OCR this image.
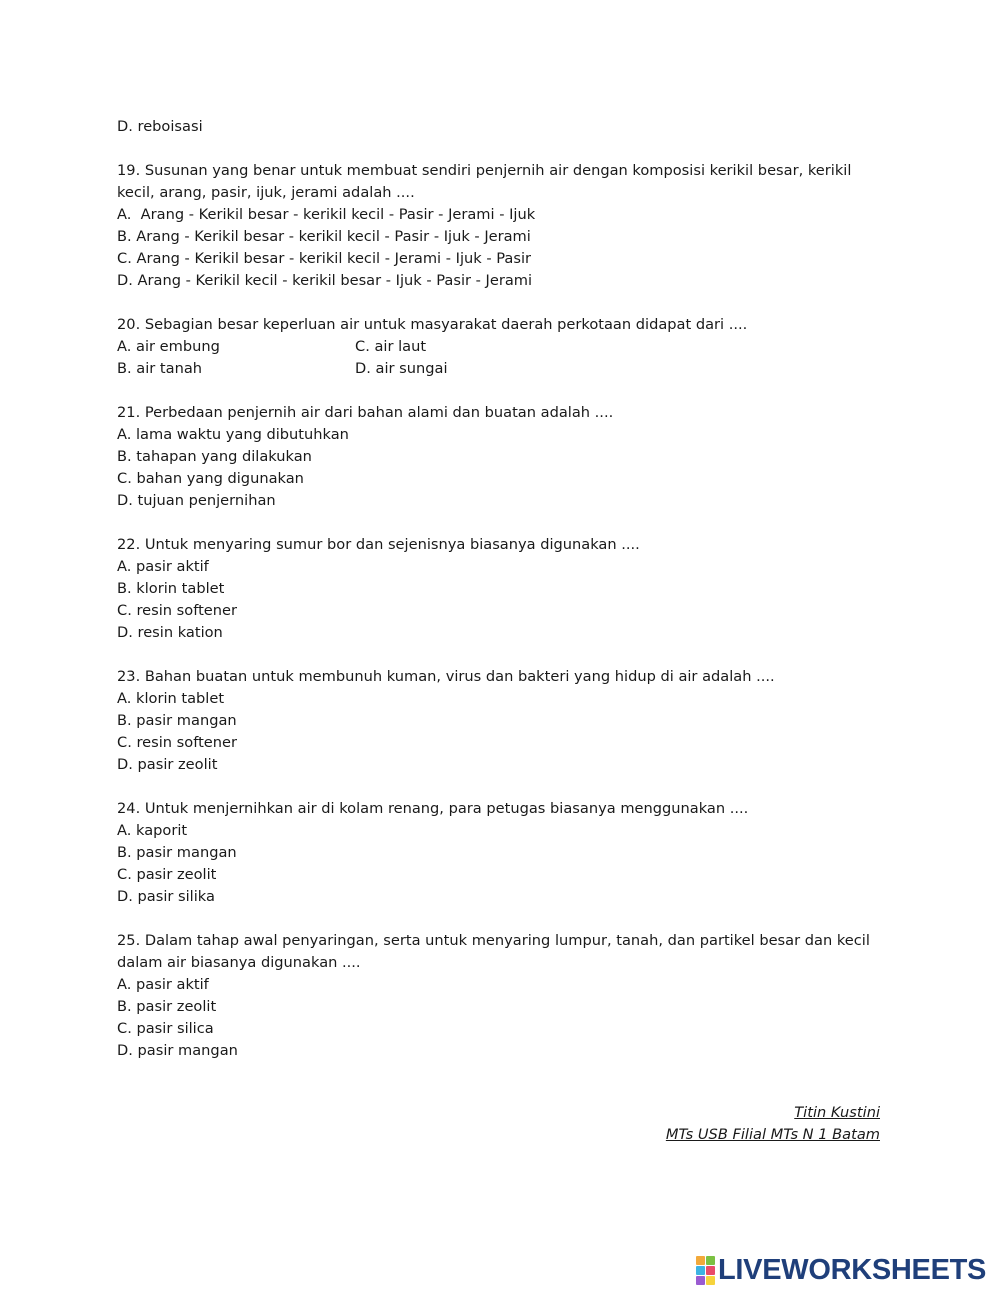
D. reboisasi
19. Susunan yang benar untuk membuat sendiri penjernih air dengan komposisi kerikil besar, kerikil
kecil, arang, pasir, ijuk, jerami adalah ....
A.  Arang - Kerikil besar - kerikil kecil - Pasir - Jerami - Ijuk
B. Arang - Kerikil besar - kerikil kecil - Pasir - Ijuk - Jerami
C. Arang - Kerikil besar - kerikil kecil - Jerami - Ijuk - Pasir
D. Arang - Kerikil kecil - kerikil besar - Ijuk - Pasir - Jerami
20. Sebagian besar keperluan air untuk masyarakat daerah perkotaan didapat dari ....
A. air embung	C. air laut
B. air tanah	D. air sungai
21. Perbedaan penjernih air dari bahan alami dan buatan adalah ....
A. lama waktu yang dibutuhkan
B. tahapan yang dilakukan
C. bahan yang digunakan
D. tujuan penjernihan
22. Untuk menyaring sumur bor dan sejenisnya biasanya digunakan ....
A. pasir aktif
B. klorin tablet
C. resin softener
D. resin kation
23. Bahan buatan untuk membunuh kuman, virus dan bakteri yang hidup di air adalah ....
A. klorin tablet
B. pasir mangan
C. resin softener
D. pasir zeolit
24. Untuk menjernihkan air di kolam renang, para petugas biasanya menggunakan ....
A. kaporit
B. pasir mangan
C. pasir zeolit
D. pasir silika
25. Dalam tahap awal penyaringan, serta untuk menyaring lumpur, tanah, dan partikel besar dan kecil
dalam air biasanya digunakan ....
A. pasir aktif
B. pasir zeolit
C. pasir silica
D. pasir mangan
Titin Kustini
MTs USB Filial MTs N 1 Batam
LIVEWORKSHEETS
